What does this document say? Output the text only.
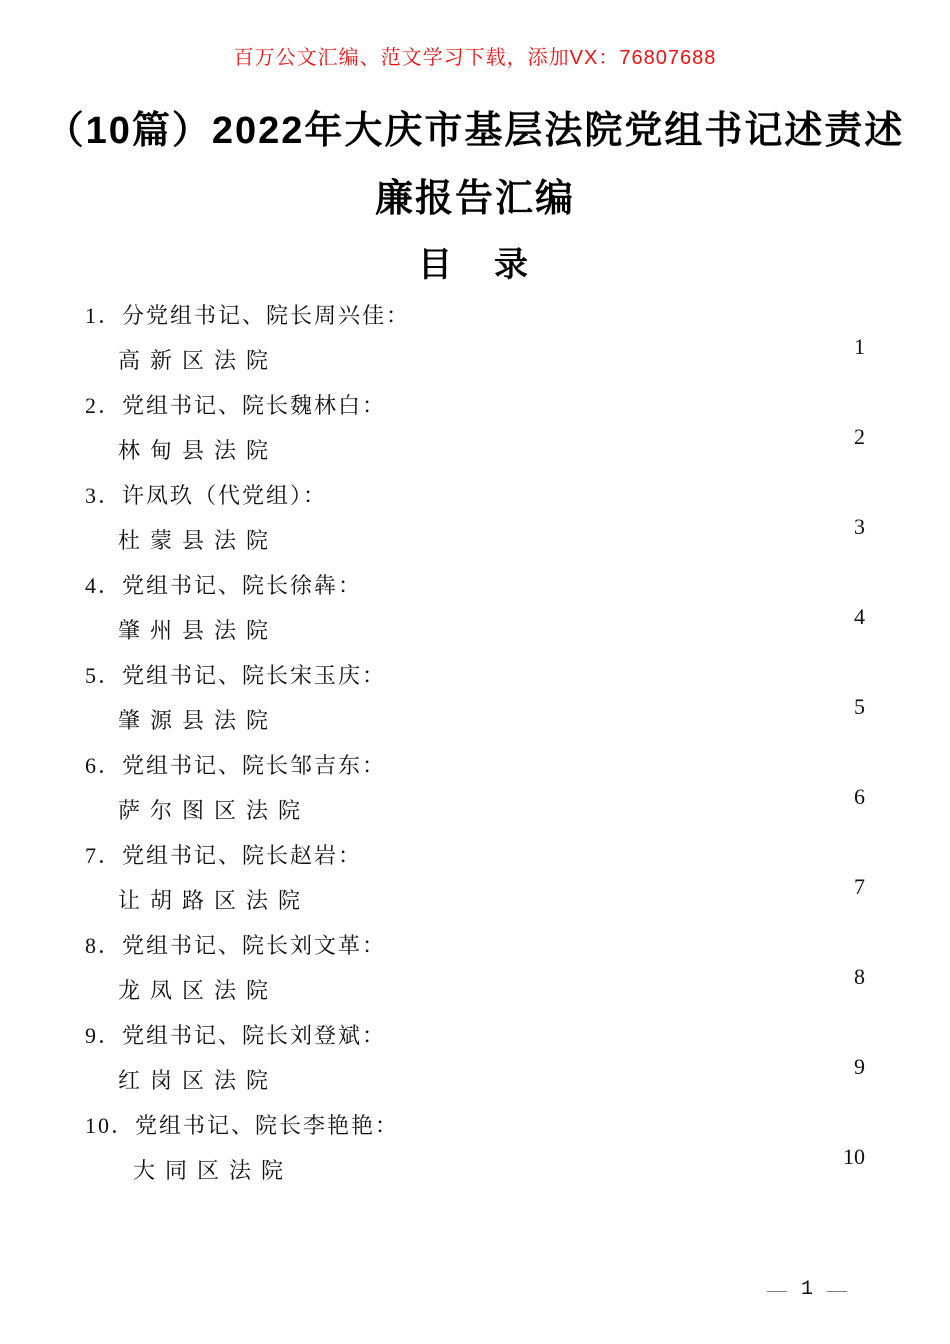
百万公文汇编、范文学习下载，添加VX：76807688
（10篇）2022年大庆市基层法院党组书记述责述
廉报告汇编
目　录
1．分党组书记、院长周兴佳：
高新区法院
1
2．党组书记、院长魏林白：
林甸县法院
2
3．许凤玖（代党组）：
杜蒙县法院
3
4．党组书记、院长徐犇：
肇州县法院
4
5．党组书记、院长宋玉庆：
肇源县法院
5
6．党组书记、院长邹吉东：
萨尔图区法院
6
7．党组书记、院长赵岩：
让胡路区法院
7
8．党组书记、院长刘文革：
龙凤区法院
8
9．党组书记、院长刘登斌：
红岗区法院
9
10．党组书记、院长李艳艳：
大同区法院
10
— 1 —
